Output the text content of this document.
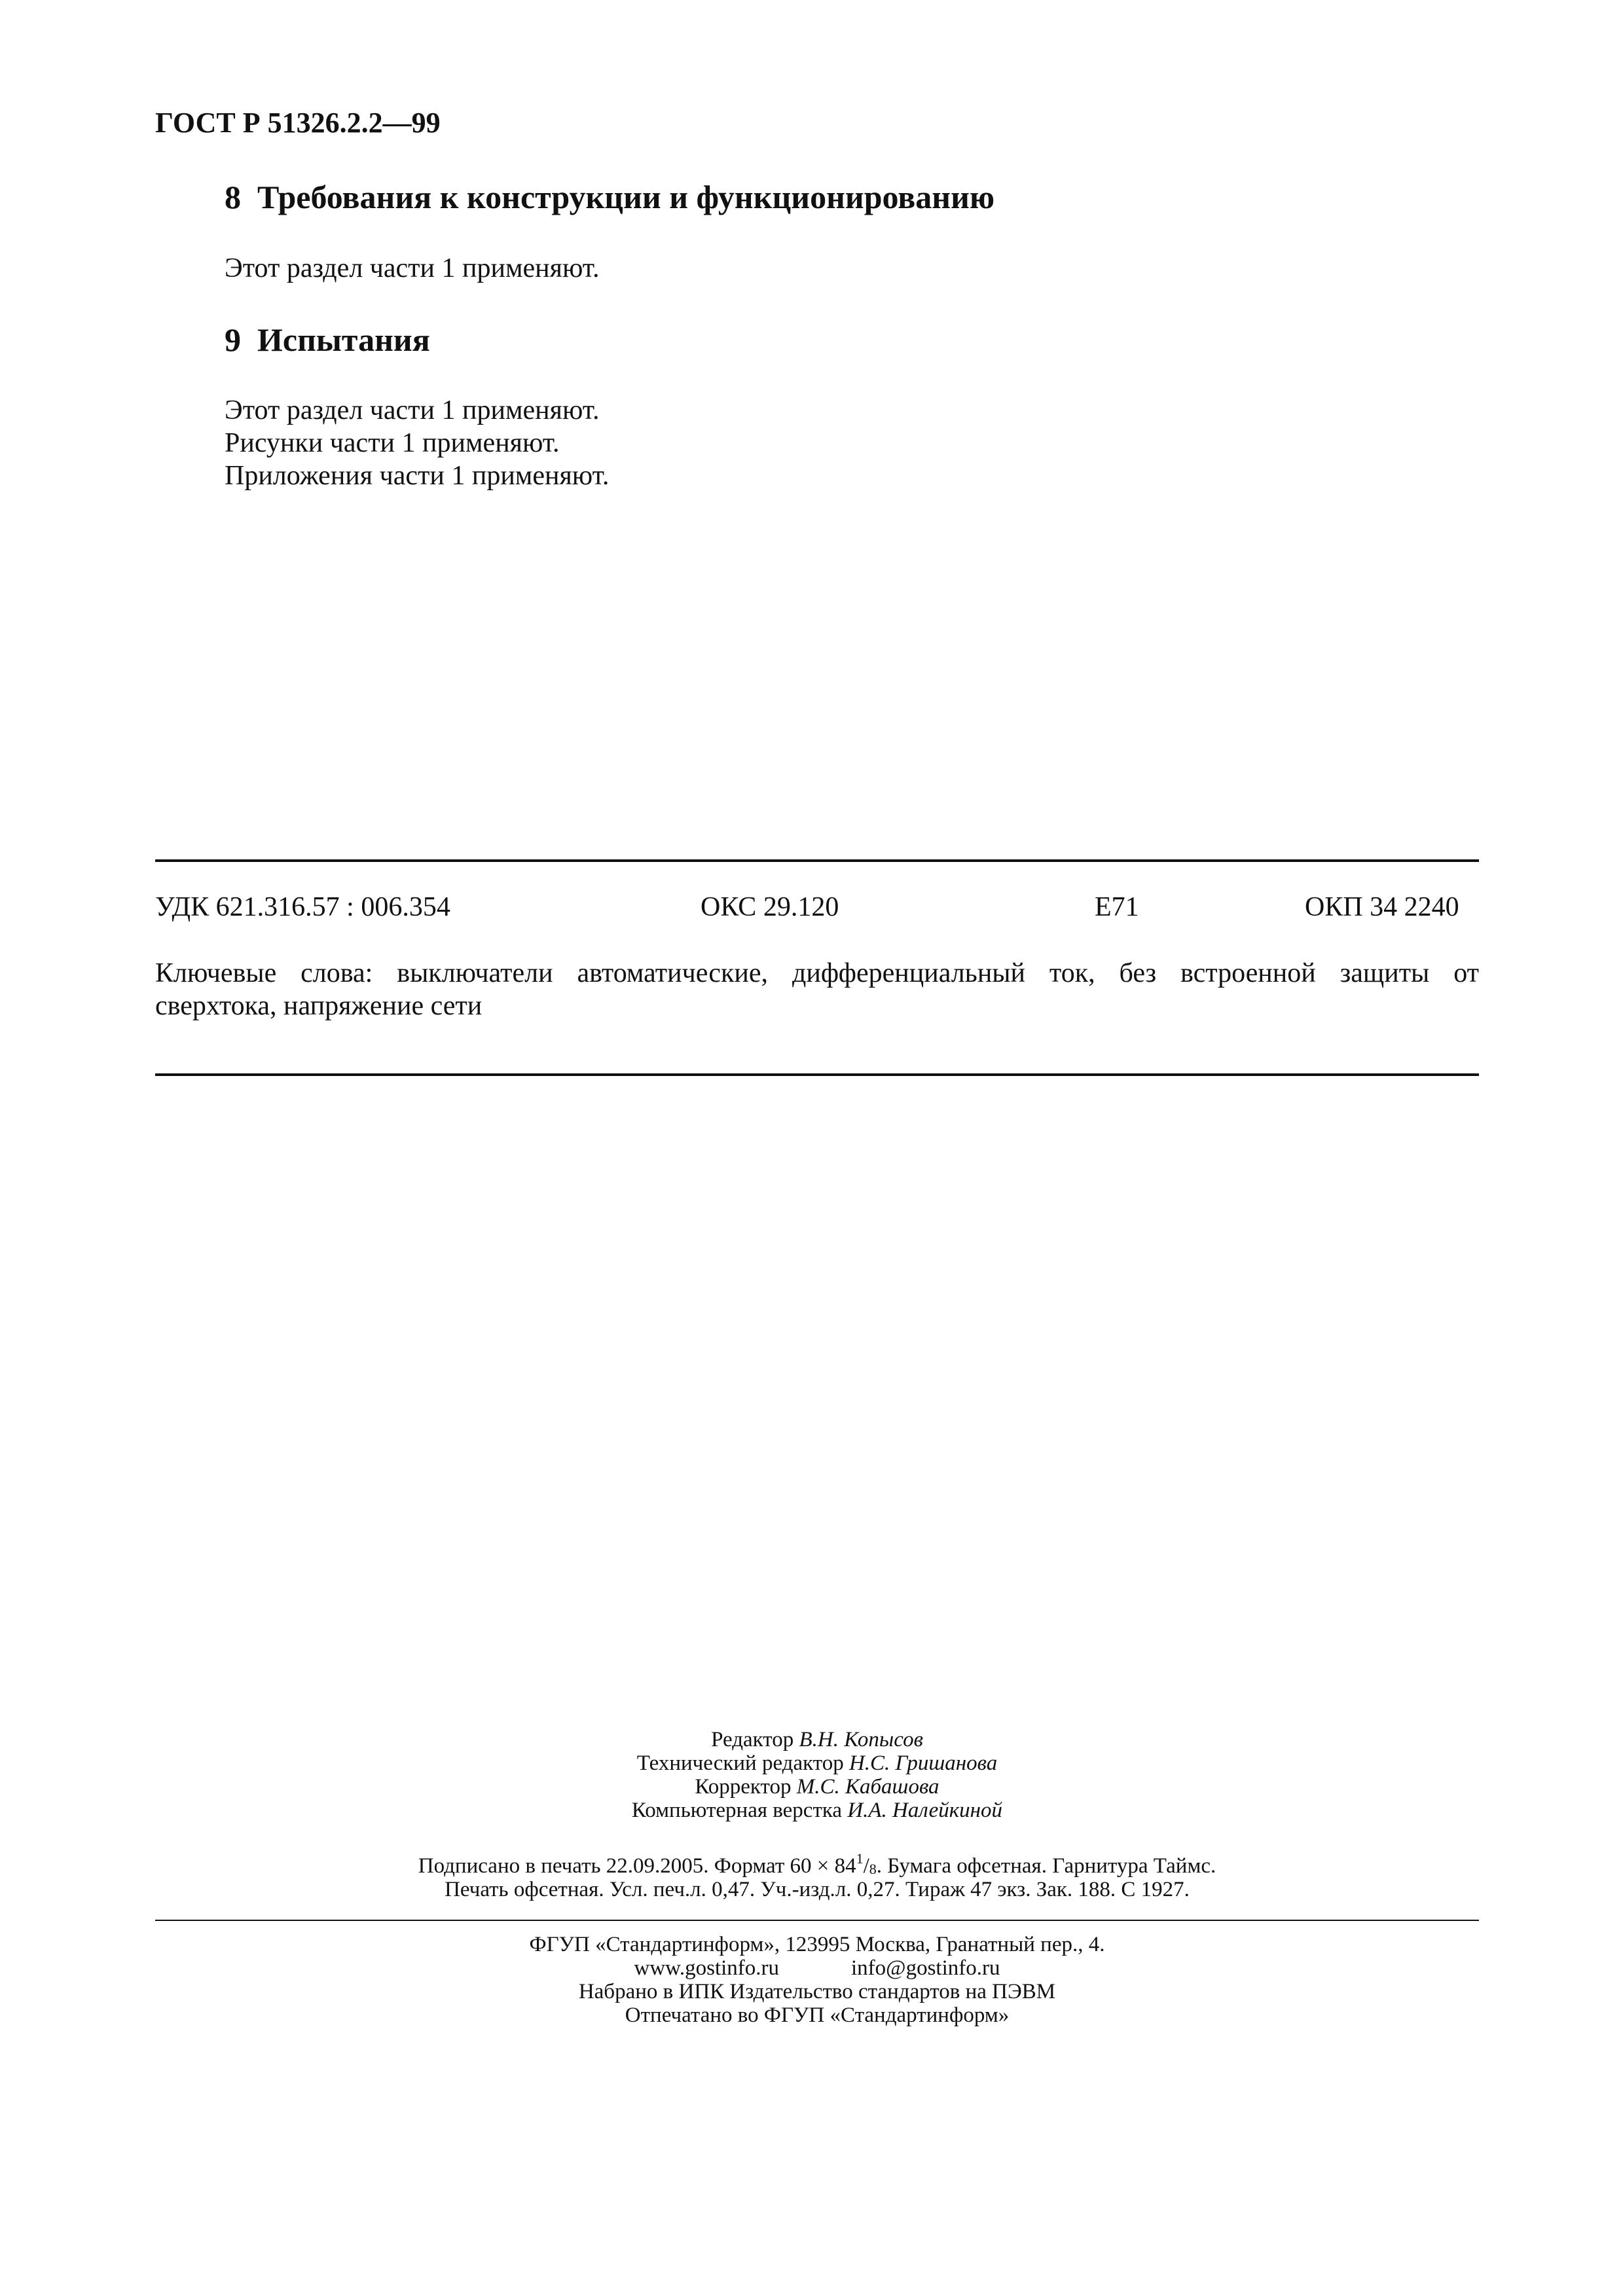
ГОСТ Р 51326.2.2—99
8 Требования к конструкции и функционированию
Этот раздел части 1 применяют.
9 Испытания
Этот раздел части 1 применяют.
Рисунки части 1 применяют.
Приложения части 1 применяют.
УДК 621.316.57 : 006.354	ОКС 29.120	Е71	ОКП 34 2240
Ключевые слова: выключатели автоматические, дифференциальный ток, без встроенной защиты от
сверхтока, напряжение сети
Редактор В.Н. Копысов
Технический редактор Н.С. Гришанова
Корректор М.С. Кабашова
Компьютерная верстка И.А. Налейкиной
Подписано в печать 22.09.2005. Формат $60 \times 84^1/_8$. Бумага офсетная. Гарнитура Таймс.
Печать офсетная. Усл. печ.л. 0,47. Уч.-изд.л. 0,27. Тираж 47 экз. Зак. 188. С 1927.
ФГУП «Стандартинформ», 123995 Москва, Гранатный пер., 4.
www.gostinfo.ru	info@gostinfo.ru
Набрано в ИПК Издательство стандартов на ПЭВМ
Отпечатано во ФГУП «Стандартинформ»
